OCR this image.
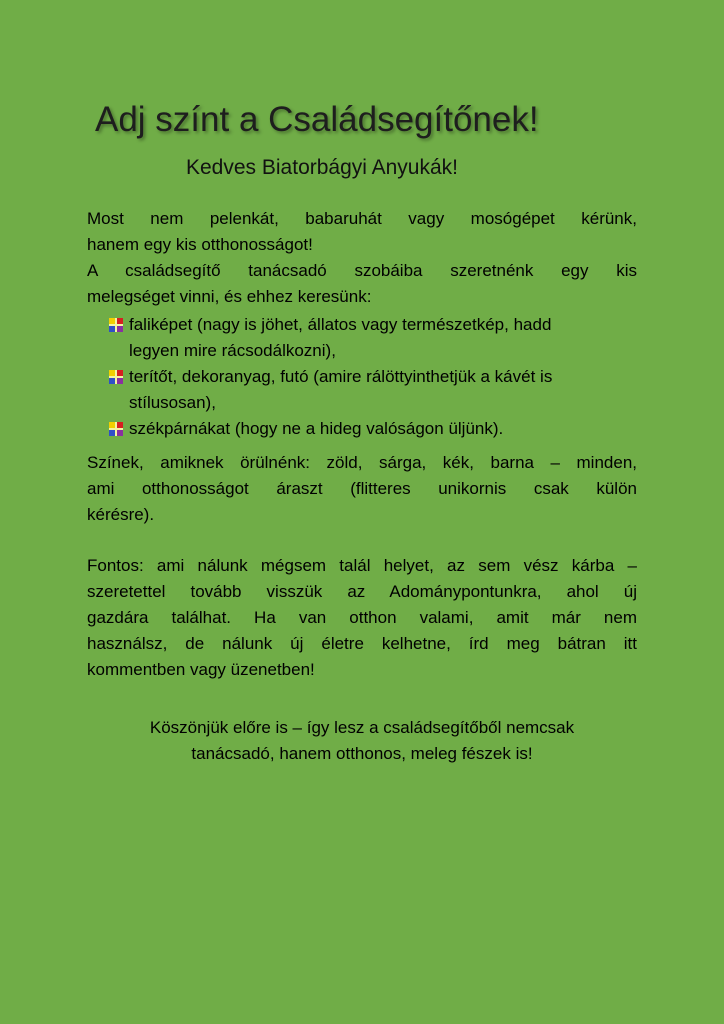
Adj színt a Családsegítőnek!
Kedves Biatorbágyi Anyukák!
Most nem pelenkát, babaruhát vagy mosógépet kérünk,
hanem egy kis otthonosságot!
A családsegítő tanácsadó szobáiba szeretnénk egy kis
melegséget vinni, és ehhez keresünk:
faliképet (nagy is jöhet, állatos vagy természetkép, hadd
legyen mire rácsodálkozni),
terítőt, dekoranyag, futó (amire rálöttyinthetjük a kávét is
stílusosan),
székpárnákat (hogy ne a hideg valóságon üljünk).
Színek, amiknek örülnénk: zöld, sárga, kék, barna – minden,
ami otthonosságot áraszt (flitteres unikornis csak külön
kérésre).
Fontos: ami nálunk mégsem talál helyet, az sem vész kárba –
szeretettel tovább visszük az Adománypontunkra, ahol új
gazdára találhat. Ha van otthon valami, amit már nem
használsz, de nálunk új életre kelhetne, írd meg bátran itt
kommentben vagy üzenetben!
Köszönjük előre is – így lesz a családsegítőből nemcsak
tanácsadó, hanem otthonos, meleg fészek is!
